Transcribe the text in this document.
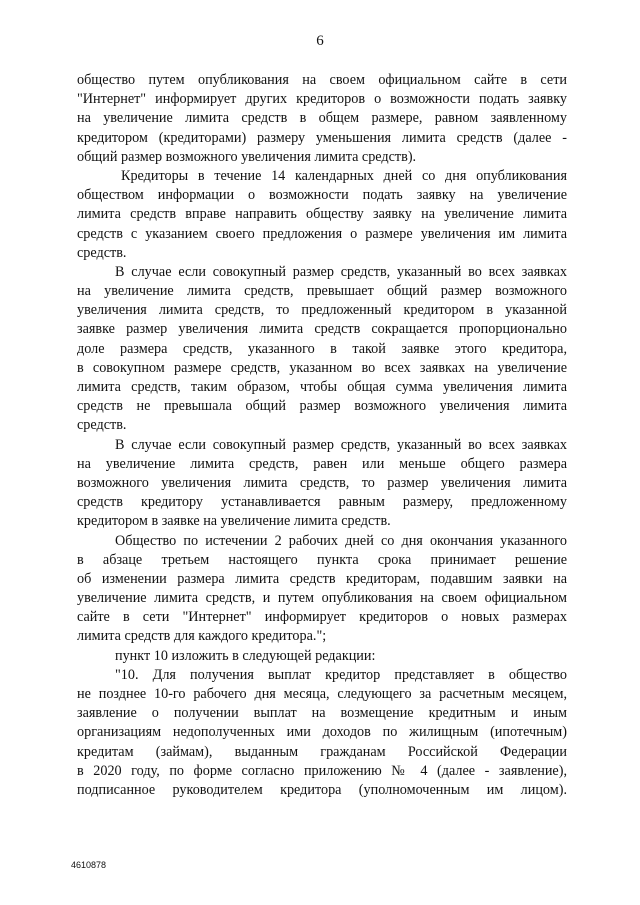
6
общество путем опубликования на своем официальном сайте в сети
"Интернет" информирует других кредиторов о возможности подать заявку
на увеличение лимита средств в общем размере, равном заявленному
кредитором (кредиторами) размеру уменьшения лимита средств (далее -
общий размер возможного увеличения лимита средств).
Кредиторы в течение 14 календарных дней со дня опубликования
обществом информации о возможности подать заявку на увеличение
лимита средств вправе направить обществу заявку на увеличение лимита
средств с указанием своего предложения о размере увеличения им лимита
средств.
В случае если совокупный размер средств, указанный во всех заявках
на увеличение лимита средств, превышает общий размер возможного
увеличения лимита средств, то предложенный кредитором в указанной
заявке размер увеличения лимита средств сокращается пропорционально
доле размера средств, указанного в такой заявке этого кредитора,
в совокупном размере средств, указанном во всех заявках на увеличение
лимита средств, таким образом, чтобы общая сумма увеличения лимита
средств не превышала общий размер возможного увеличения лимита
средств.
В случае если совокупный размер средств, указанный во всех заявках
на увеличение лимита средств, равен или меньше общего размера
возможного увеличения лимита средств, то размер увеличения лимита
средств кредитору устанавливается равным размеру, предложенному
кредитором в заявке на увеличение лимита средств.
Общество по истечении 2 рабочих дней со дня окончания указанного
в абзаце третьем настоящего пункта срока принимает решение
об изменении размера лимита средств кредиторам, подавшим заявки на
увеличение лимита средств, и путем опубликования на своем официальном
сайте в сети "Интернет" информирует кредиторов о новых размерах
лимита средств для каждого кредитора.";
пункт 10 изложить в следующей редакции:
"10. Для получения выплат кредитор представляет в общество
не позднее 10-го рабочего дня месяца, следующего за расчетным месяцем,
заявление о получении выплат на возмещение кредитным и иным
организациям недополученных ими доходов по жилищным (ипотечным)
кредитам (займам), выданным гражданам Российской Федерации
в 2020 году, по форме согласно приложению № 4 (далее - заявление),
подписанное руководителем кредитора (уполномоченным им лицом).
4610878
